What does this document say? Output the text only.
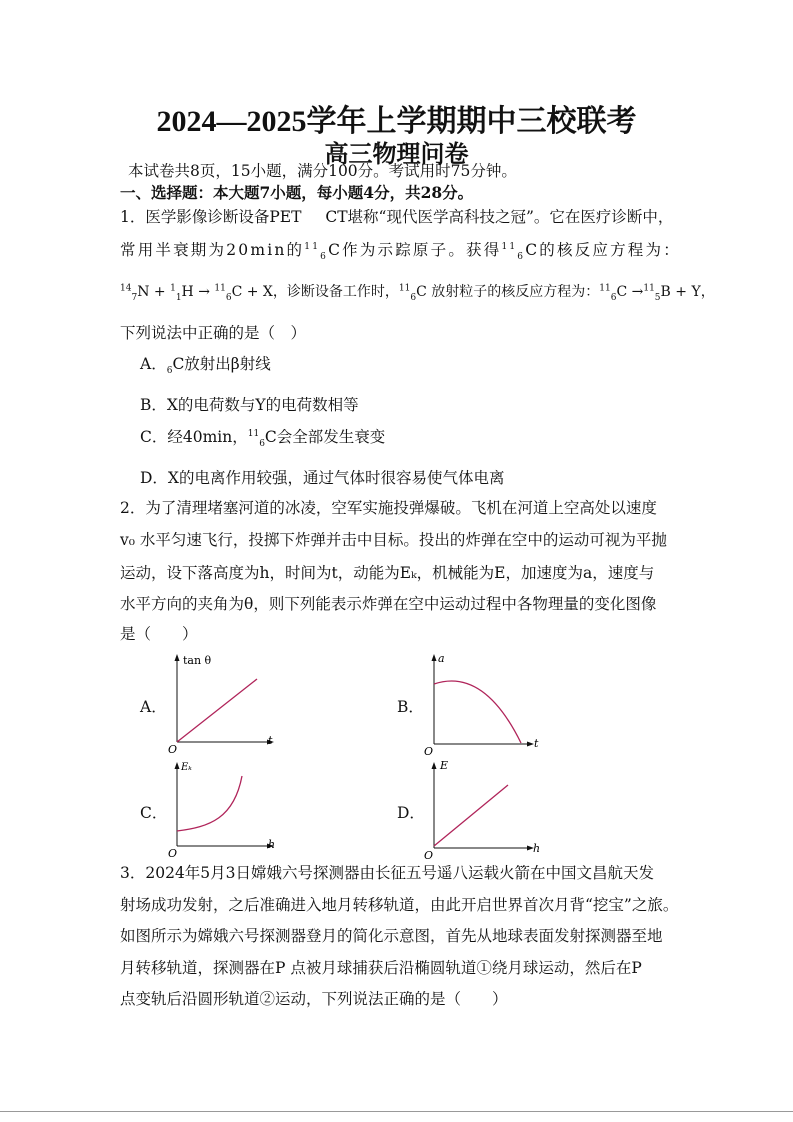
2024—2025学年上学期期中三校联考
高三物理问卷
本试卷共8页，15小题，满分100分。考试用时75分钟。
一、选择题：本大题7小题，每小题4分，共28分。
1．医学影像诊断设备PET CT堪称“现代医学高科技之冠”。它在医疗诊断中，
常用半衰期为20min的$^{11}_6$C作为示踪原子。获得$^{11}_6$C的核反应方程为：
$^{14}_7$N + $^1_1$H → $^{11}_6$C + X，诊断设备工作时，$^{11}_6$C 放射粒子的核反应方程为：$^{11}_6$C →$^{11}_5$B + Y，
下列说法中正确的是（　）
A．$_6$C放射出β射线
B．X的电荷数与Y的电荷数相等
C．经40min，$^{11}_6$C会全部发生衰变
D．X的电离作用较强，通过气体时很容易使气体电离
2．为了清理堵塞河道的冰凌，空军实施投弹爆破。飞机在河道上空高处以速度
v₀ 水平匀速飞行，投掷下炸弹并击中目标。投出的炸弹在空中的运动可视为平抛
运动，设下落高度为h，时间为t，动能为Eₖ，机械能为E，加速度为a，速度与
水平方向的夹角为θ，则下列能表示炸弹在空中运动过程中各物理量的变化图像
是（　　）
A．
tan θ
t
O
B．
a
t
O
C．
Eₖ
h
O
D．
E
h
O
3．2024年5月3日嫦娥六号探测器由长征五号遥八运载火箭在中国文昌航天发
射场成功发射，之后准确进入地月转移轨道，由此开启世界首次月背“挖宝”之旅。
如图所示为嫦娥六号探测器登月的简化示意图，首先从地球表面发射探测器至地
月转移轨道，探测器在P 点被月球捕获后沿椭圆轨道①绕月球运动，然后在P
点变轨后沿圆形轨道②运动，下列说法正确的是（　　）
